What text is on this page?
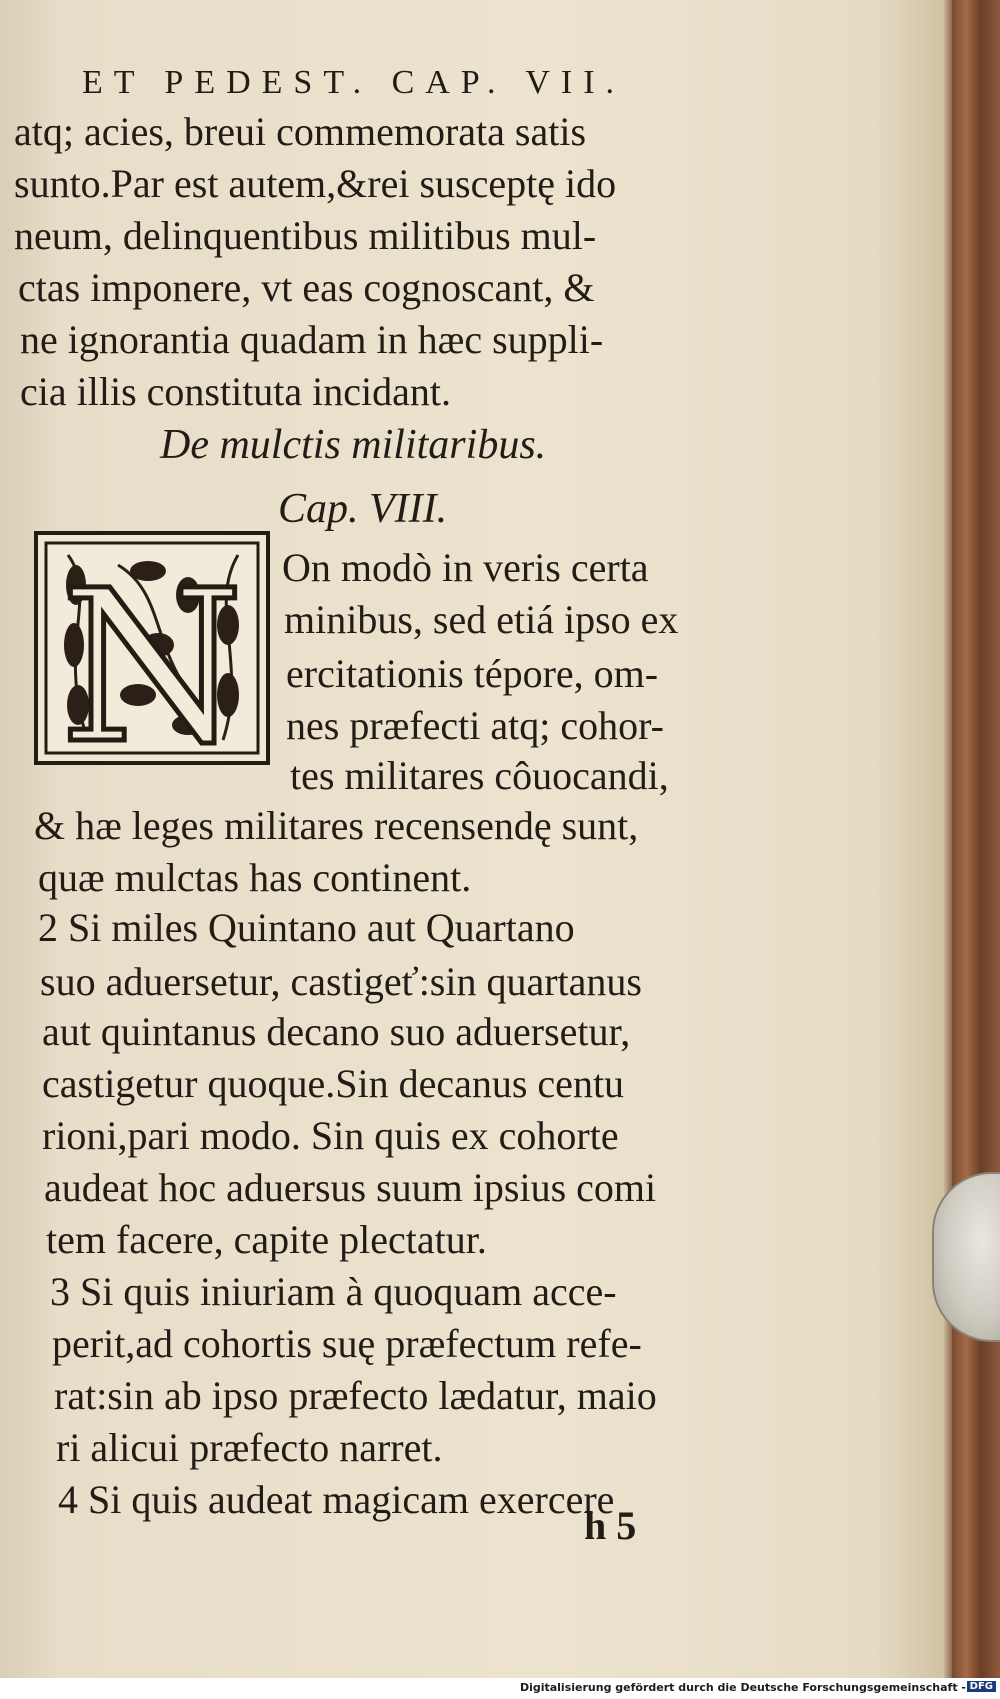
ET PEDEST. CAP. VII.
atq; acies, breui commemorata satis
sunto.Par est autem,&rei susceptę ido
neum, delinquentibus militibus mul-
ctas imponere, vt eas cognoscant, &
ne ignorantia quadam in hæc suppli-
cia illis constituta incidant.
De mulctis militaribus.
Cap. VIII.
N On modò in veris certa
minibus, sed etiá ipso ex
ercitationis tépore, om-
nes præfecti atq; cohor-
tes militares côuocandi,
& hæ leges militares recensendę sunt,
quæ mulctas has continent.
2 Si miles Quintano aut Quartano
suo aduersetur, castigeť:sin quartanus
aut quintanus decano suo aduersetur,
castigetur quoque.Sin decanus centu
rioni,pari modo. Sin quis ex cohorte
audeat hoc aduersus suum ipsius comi
tem facere, capite plectatur.
3 Si quis iniuriam à quoquam acce-
perit,ad cohortis suę præfectum refe-
rat:sin ab ipso præfecto lædatur, maio
ri alicui præfecto narret.
4 Si quis audeat magicam exercere
h 5
Digitalisierung gefördert durch die Deutsche Forschungsgemeinschaft - DFG
